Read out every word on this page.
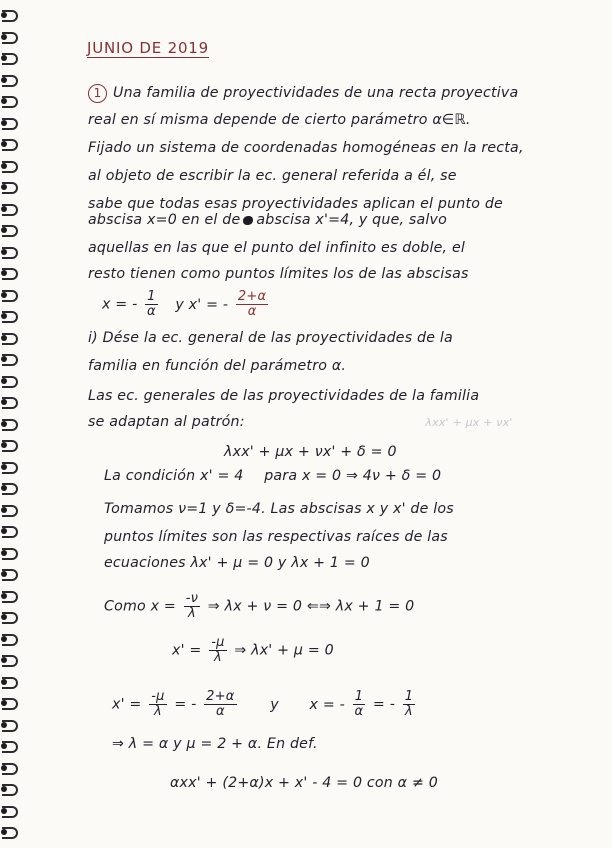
JUNIO DE 2019
1 Una familia de proyectividades de una recta proyectiva
real en sí misma depende de cierto parámetro α∈ℝ.
Fijado un sistema de coordenadas homogéneas en la recta,
al objeto de escribir la ec. general referida a él, se
sabe que todas esas proyectividades aplican el punto de
abscisa x=0 en el de abscisa x'=4, y que, salvo
aquellas en las que el punto del infinito es doble, el
resto tienen como puntos límites los de las abscisas
x = - $\frac{1}{\alpha}$ y x' = - $\frac{2+\alpha}{\alpha}$
i) Dése la ec. general de las proyectividades de la
familia en función del parámetro α.
Las ec. generales de las proyectividades de la familia
se adaptan al patrón:	λxx' + μx + νx'
λxx' + μx + νx' + δ = 0
La condición x' = 4 para x = 0 ⇒ 4ν + δ = 0
Tomamos ν=1 y δ=-4. Las abscisas x y x' de los
puntos límites son las respectivas raíces de las
ecuaciones λx' + μ = 0 y λx + 1 = 0
Como $x = \frac{-\nu}{\lambda}$ ⇒ λx + ν = 0 ⇐⇒ λx + 1 = 0
$x' = \frac{-\mu}{\lambda}$ ⇒ λx' + μ = 0
$x' = \frac{-\mu}{\lambda}$ = - $\frac{2+\alpha}{\alpha}$ y x = - $\frac{1}{\alpha}$ = - $\frac{1}{\lambda}$
⇒ λ = α y μ = 2 + α. En def.
αxx' + (2+α)x + x' - 4 = 0 con α ≠ 0
